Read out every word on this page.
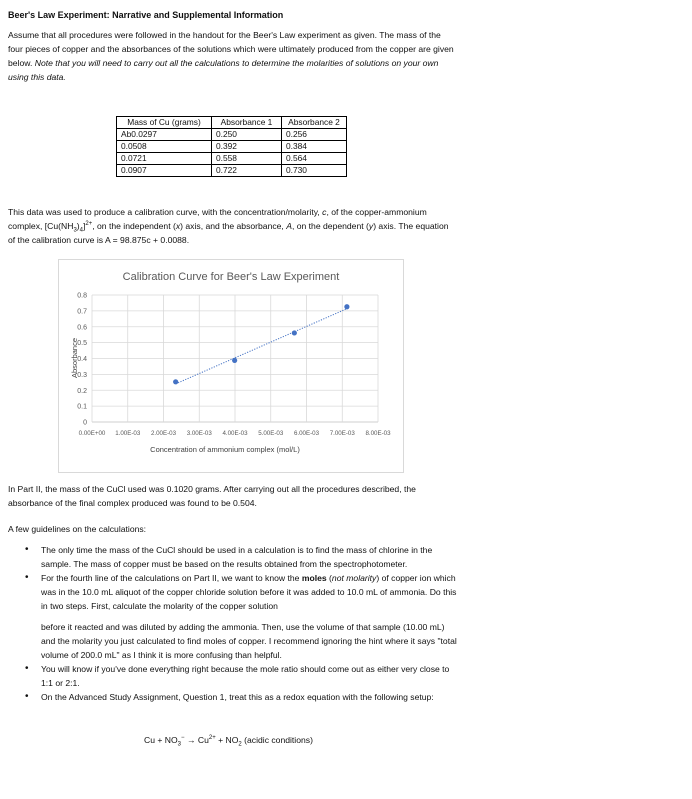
Beer's Law Experiment: Narrative and Supplemental Information
Assume that all procedures were followed in the handout for the Beer's Law experiment as given. The mass of the four pieces of copper and the absorbances of the solutions which were ultimately produced from the copper are given below. Note that you will need to carry out all the calculations to determine the molarities of solutions on your own using this data.
Mass of Cu (grams)	Absorbance 1	Absorbance 2
Ab0.0297	0.250	0.256
0.0508	0.392	0.384
0.0721	0.558	0.564
0.0907	0.722	0.730
This data was used to produce a calibration curve, with the concentration/molarity, c, of the copper-ammonium complex, $[Cu(NH_3)_4]^{2+}$, on the independent (x) axis, and the absorbance, A, on the dependent (y) axis. The equation of the calibration curve is A = 98.875c + 0.0088.
Calibration Curve for Beer's Law Experiment
0
0.1
0.2
0.3
0.4
0.5
0.6
0.7
0.8
0.00E+00 1.00E-03 2.00E-03 3.00E-03 4.00E-03 5.00E-03 6.00E-03 7.00E-03 8.00E-03
Concentration of ammonium complex (mol/L)
Absorbance
In Part II, the mass of the CuCl used was 0.1020 grams. After carrying out all the procedures described, the absorbance of the final complex produced was found to be 0.504.
A few guidelines on the calculations:
• The only time the mass of the CuCl should be used in a calculation is to find the mass of chlorine in the sample. The mass of copper must be based on the results obtained from the spectrophotometer.
• For the fourth line of the calculations on Part II, we want to know the moles (not molarity) of copper ion which was in the 10.0 mL aliquot of the copper chloride solution before it was added to 10.0 mL of ammonia. Do this in two steps. First, calculate the molarity of the copper solution
before it reacted and was diluted by adding the ammonia. Then, use the volume of that sample (10.00 mL) and the molarity you just calculated to find moles of copper. I recommend ignoring the hint where it says "total volume of 200.0 mL" as I think it is more confusing than helpful.
• You will know if you've done everything right because the mole ratio should come out as either very close to 1:1 or 2:1.
• On the Advanced Study Assignment, Question 1, treat this as a redox equation with the following setup:
$Cu + NO_3^- \to Cu^{2+} + NO_2$ (acidic conditions)
